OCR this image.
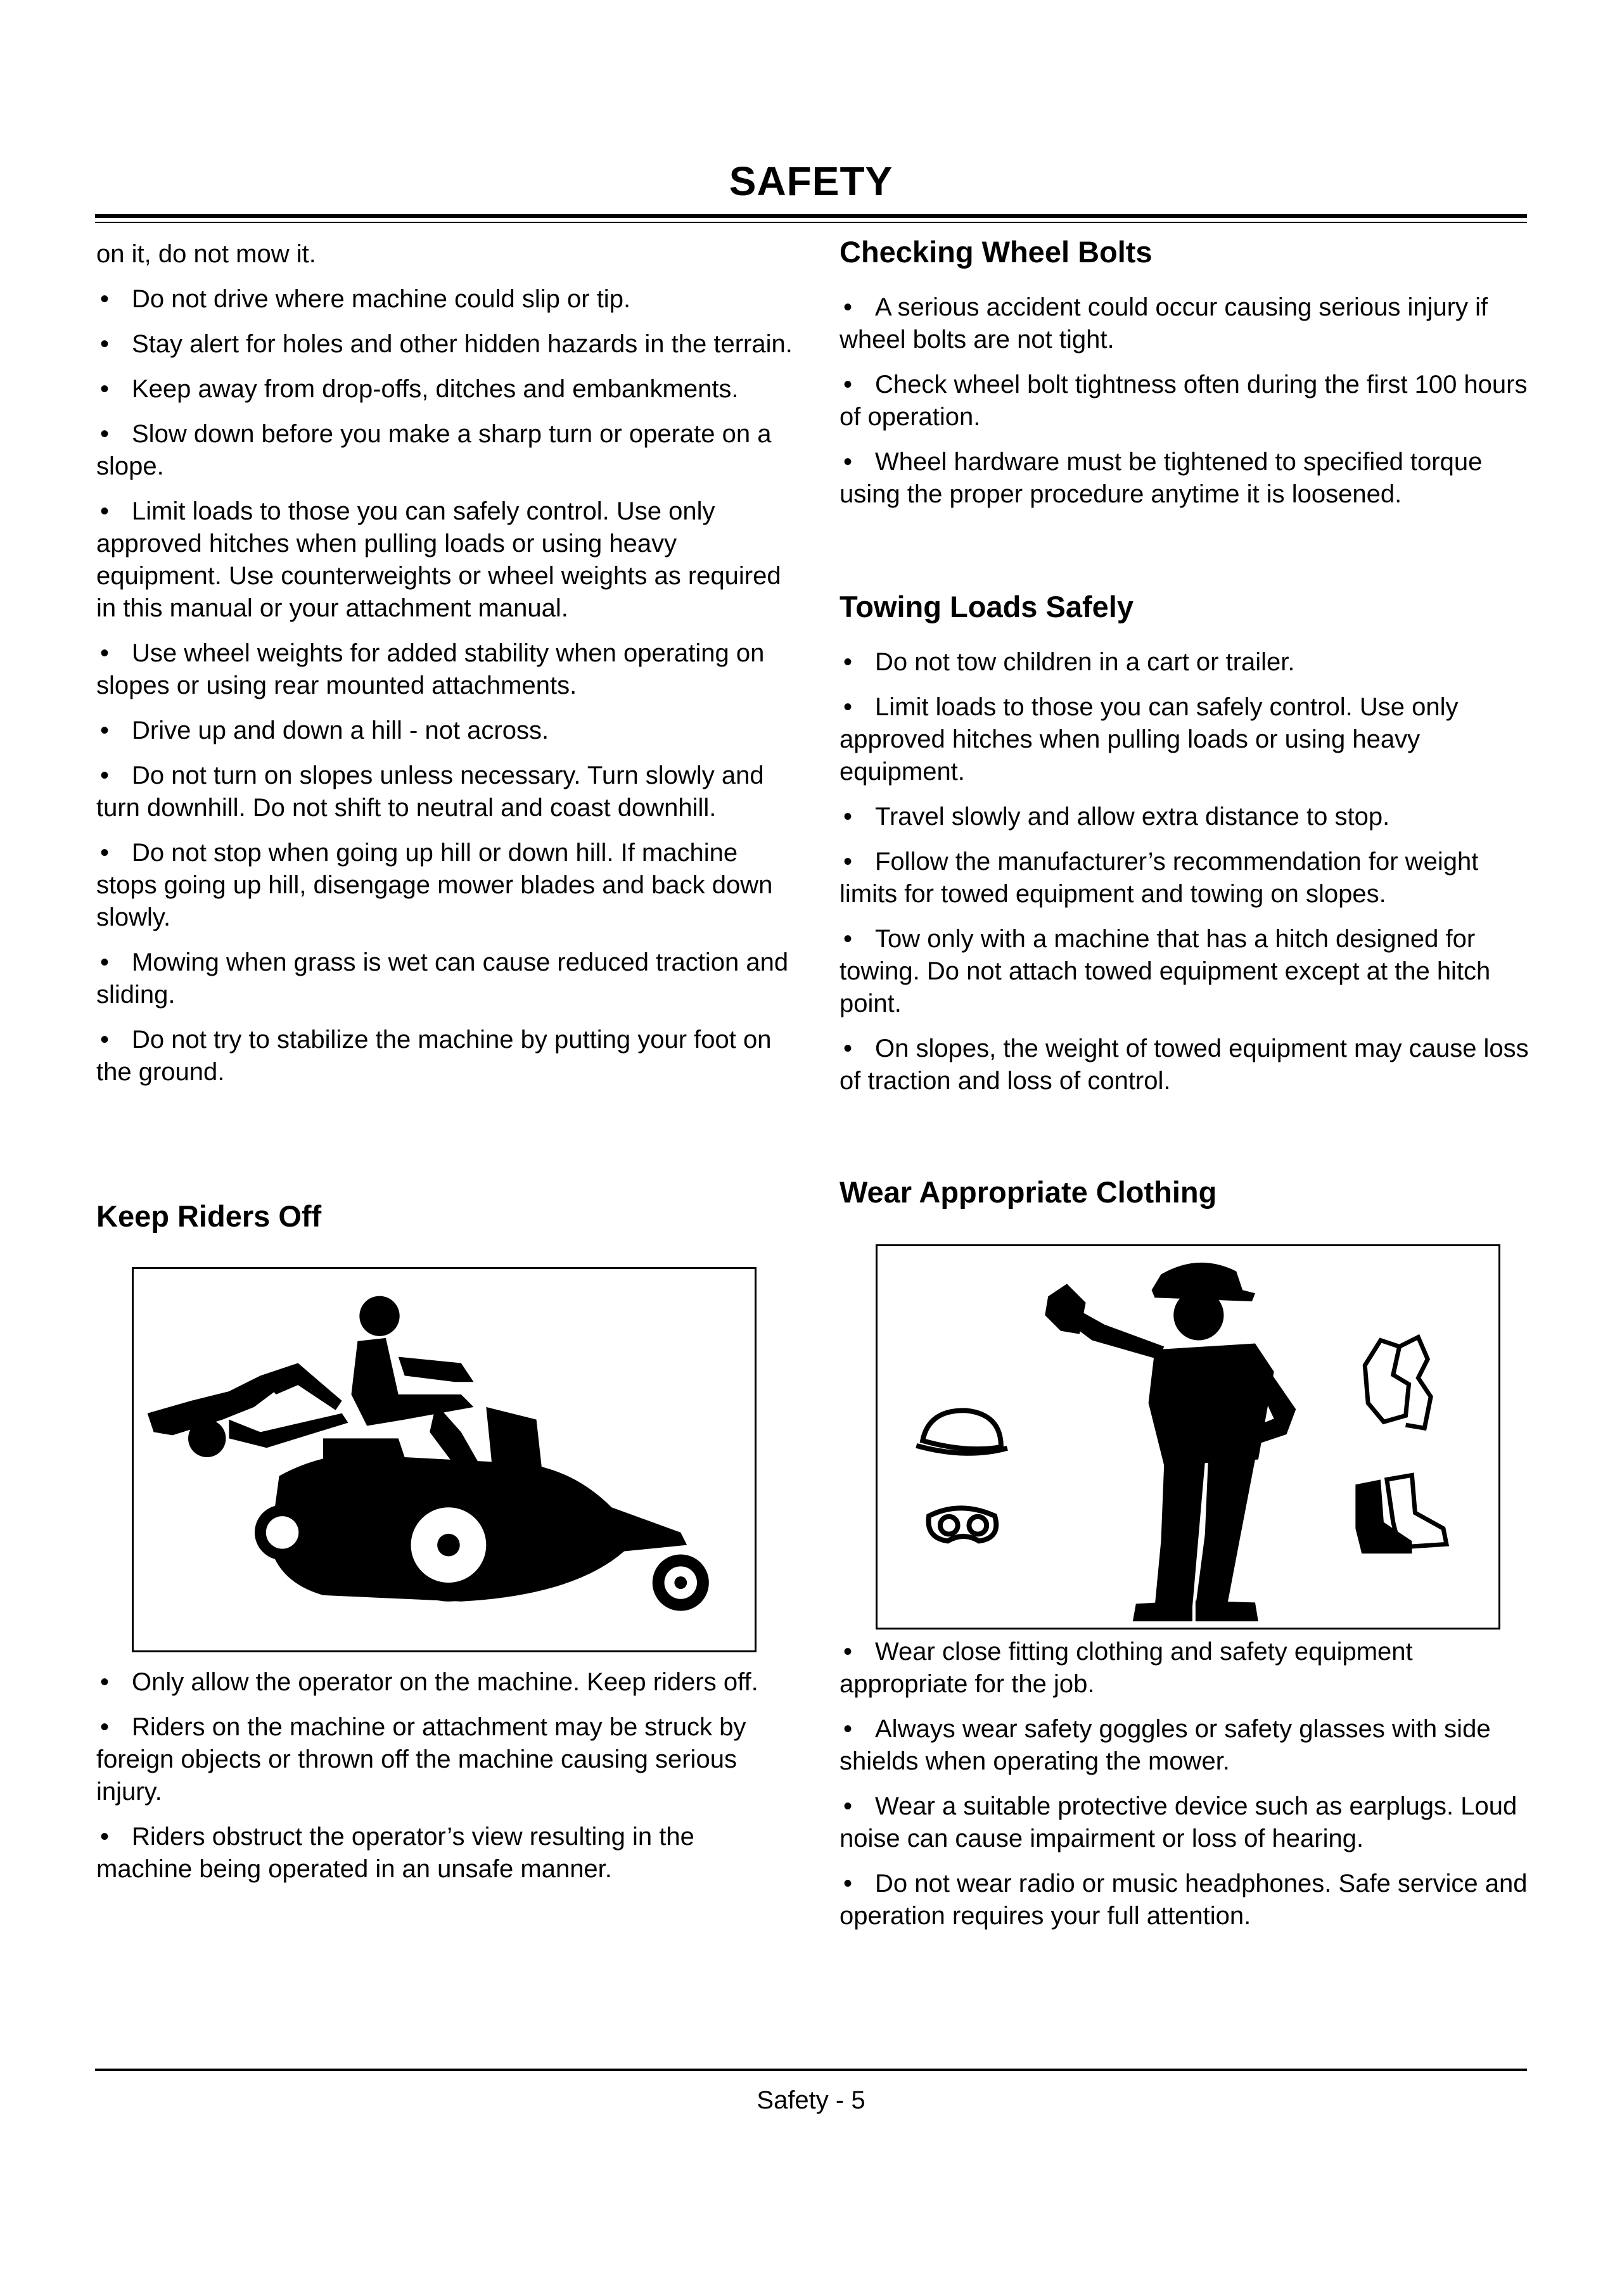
SAFETY

on it, do not mow it.

• Do not drive where machine could slip or tip.

• Stay alert for holes and other hidden hazards in the terrain.

• Keep away from drop-offs, ditches and embankments.

• Slow down before you make a sharp turn or operate on a slope.

• Limit loads to those you can safely control. Use only approved hitches when pulling loads or using heavy equipment. Use counterweights or wheel weights as required in this manual or your attachment manual.

• Use wheel weights for added stability when operating on slopes or using rear mounted attachments.

• Drive up and down a hill - not across.

• Do not turn on slopes unless necessary. Turn slowly and turn downhill. Do not shift to neutral and coast downhill.

• Do not stop when going up hill or down hill. If machine stops going up hill, disengage mower blades and back down slowly.

• Mowing when grass is wet can cause reduced traction and sliding.

• Do not try to stabilize the machine by putting your foot on the ground.

Keep Riders Off

• Only allow the operator on the machine. Keep riders off.

• Riders on the machine or attachment may be struck by foreign objects or thrown off the machine causing serious injury.

• Riders obstruct the operator’s view resulting in the machine being operated in an unsafe manner.

Checking Wheel Bolts

• A serious accident could occur causing serious injury if wheel bolts are not tight.

• Check wheel bolt tightness often during the first 100 hours of operation.

• Wheel hardware must be tightened to specified torque using the proper procedure anytime it is loosened.

Towing Loads Safely

• Do not tow children in a cart or trailer.

• Limit loads to those you can safely control. Use only approved hitches when pulling loads or using heavy equipment.

• Travel slowly and allow extra distance to stop.

• Follow the manufacturer’s recommendation for weight limits for towed equipment and towing on slopes.

• Tow only with a machine that has a hitch designed for towing. Do not attach towed equipment except at the hitch point.

• On slopes, the weight of towed equipment may cause loss of traction and loss of control.

Wear Appropriate Clothing

• Wear close fitting clothing and safety equipment appropriate for the job.

• Always wear safety goggles or safety glasses with side shields when operating the mower.

• Wear a suitable protective device such as earplugs. Loud noise can cause impairment or loss of hearing.

• Do not wear radio or music headphones. Safe service and operation requires your full attention.

Safety - 5
